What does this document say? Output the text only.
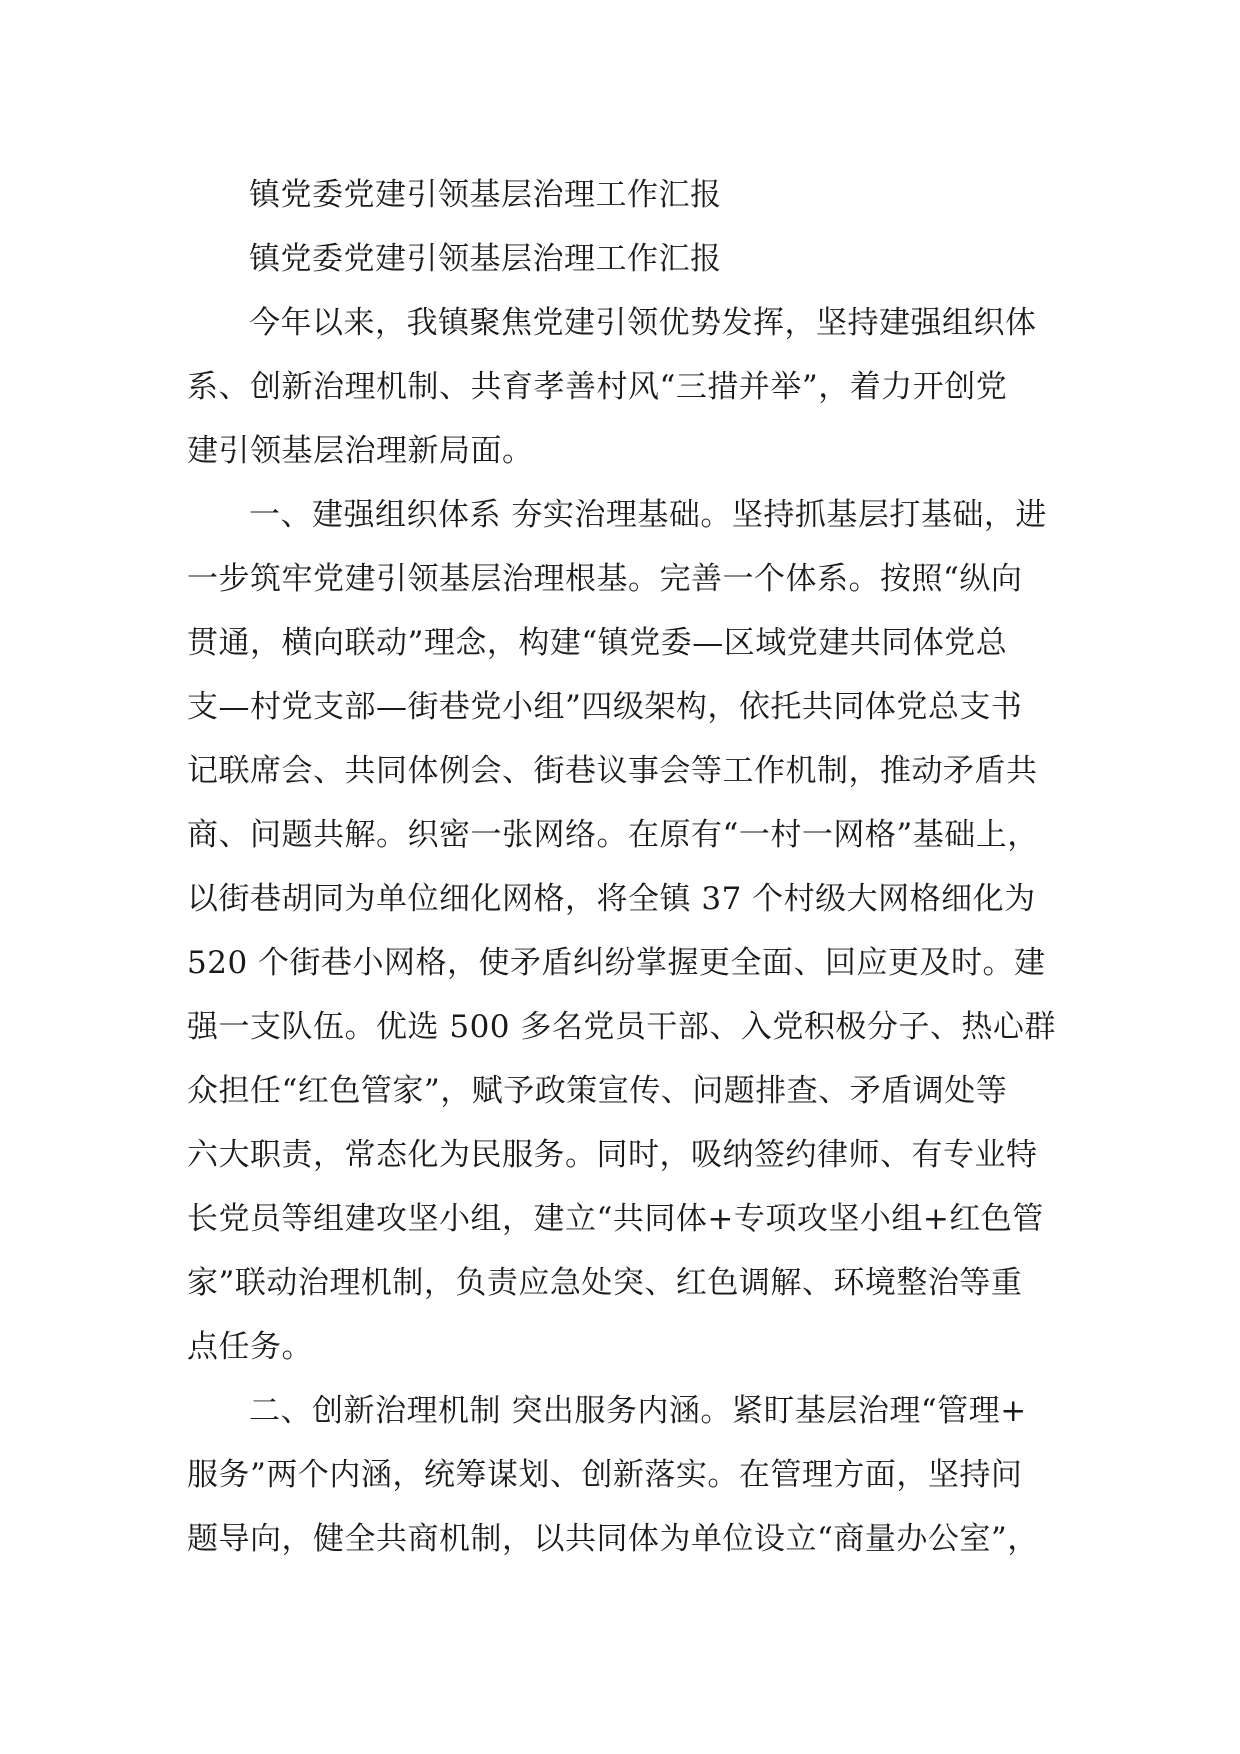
镇党委党建引领基层治理工作汇报
镇党委党建引领基层治理工作汇报
今年以来，我镇聚焦党建引领优势发挥，坚持建强组织体
系、创新治理机制、共育孝善村风“三措并举”，着力开创党
建引领基层治理新局面。
一、建强组织体系 夯实治理基础。坚持抓基层打基础，进
一步筑牢党建引领基层治理根基。完善一个体系。按照“纵向
贯通，横向联动”理念，构建“镇党委—区域党建共同体党总
支—村党支部—街巷党小组”四级架构，依托共同体党总支书
记联席会、共同体例会、街巷议事会等工作机制，推动矛盾共
商、问题共解。织密一张网络。在原有“一村一网格”基础上，
以街巷胡同为单位细化网格，将全镇 37 个村级大网格细化为
520 个街巷小网格，使矛盾纠纷掌握更全面、回应更及时。建
强一支队伍。优选 500 多名党员干部、入党积极分子、热心群
众担任“红色管家”，赋予政策宣传、问题排查、矛盾调处等
六大职责，常态化为民服务。同时，吸纳签约律师、有专业特
长党员等组建攻坚小组，建立“共同体+专项攻坚小组+红色管
家”联动治理机制，负责应急处突、红色调解、环境整治等重
点任务。
二、创新治理机制 突出服务内涵。紧盯基层治理“管理+
服务”两个内涵，统筹谋划、创新落实。在管理方面，坚持问
题导向，健全共商机制，以共同体为单位设立“商量办公室”，
